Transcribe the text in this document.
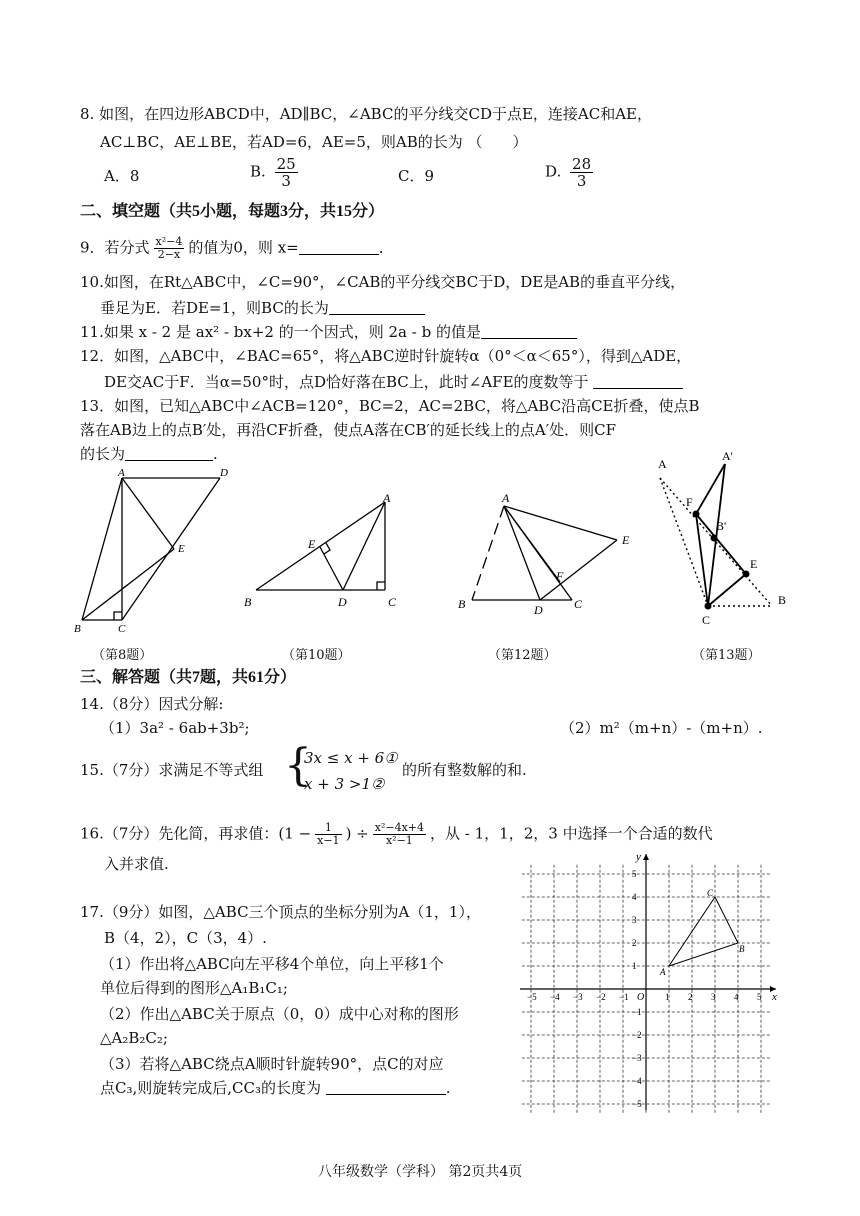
8. 如图，在四边形ABCD中，AD∥BC，∠ABC的平分线交CD于点E，连接AC和AE，
AC⊥BC，AE⊥BE，若AD=6，AE=5，则AB的长为 （　　）
A．8	B. $\frac{25}{3}$	C．9	D. $\frac{28}{3}$
二、填空题（共5小题，每题3分，共15分）
9．若分式 $\frac{\text{x²−4}}{2-x}$ 的值为0，则 x=	．
10.如图，在Rt△ABC中，∠C=90°，∠CAB的平分线交BC于D，DE是AB的垂直平分线，
垂足为E．若DE=1，则BC的长为
11.如果 x - 2 是 ax² - bx+2 的一个因式，则 2a - b 的值是
12．如图，△ABC中，∠BAC=65°，将△ABC逆时针旋转α（0°＜α＜65°），得到△ADE，
DE交AC于F．当α=50°时，点D恰好落在BC上，此时∠AFE的度数等于
13．如图，已知△ABC中∠ACB=120°，BC=2，AC=2BC，将△ABC沿高CE折叠，使点B
落在AB边上的点B′处，再沿CF折叠，使点A落在CB′的延长线上的点A′处．则CF
的长为	.
A	D
E
B	C
（第8题）
A
E
B	D	C
（第10题）
A
E
F
B	D	C
（第12题）
A
A'
F
B'
E
B
C
（第13题）
三、解答题（共7题，共61分）
14.（8分）因式分解:
（1）3a² - 6ab+3b²;	（2）m²（m+n）-（m+n）.
15.（7分）求满足不等式组 {
3x ≤ x + 6①
x + 3 >1②
的所有整数解的和.
16.（7分）先化简，再求值：($1 - \frac{1}{x-1}$ ) ÷ $\frac{\text{x²−4x+4}}{\text{x²−1}}$ ，从 - 1，1，2，3 中选择一个合适的数代
入并求值.
17.（9分）如图，△ABC三个顶点的坐标分别为A（1，1），
B（4，2），C（3，4）.
（1）作出将△ABC向左平移4个单位，向上平移1个
单位后得到的图形△A₁B₁C₁;
（2）作出△ABC关于原点（0，0）成中心对称的图形
△A₂B₂C₂;
（3）若将△ABC绕点A顺时针旋转90°，点C的对应
点C₃,则旋转完成后,CC₃的长度为	.
x
y
O
−5 −4 −3 −2 −1	1 2 3 4 5
5
4
3
2
1
−1
−2
−3
−4
−5
A
B
C
八年级数学（学科） 第2页共4页
